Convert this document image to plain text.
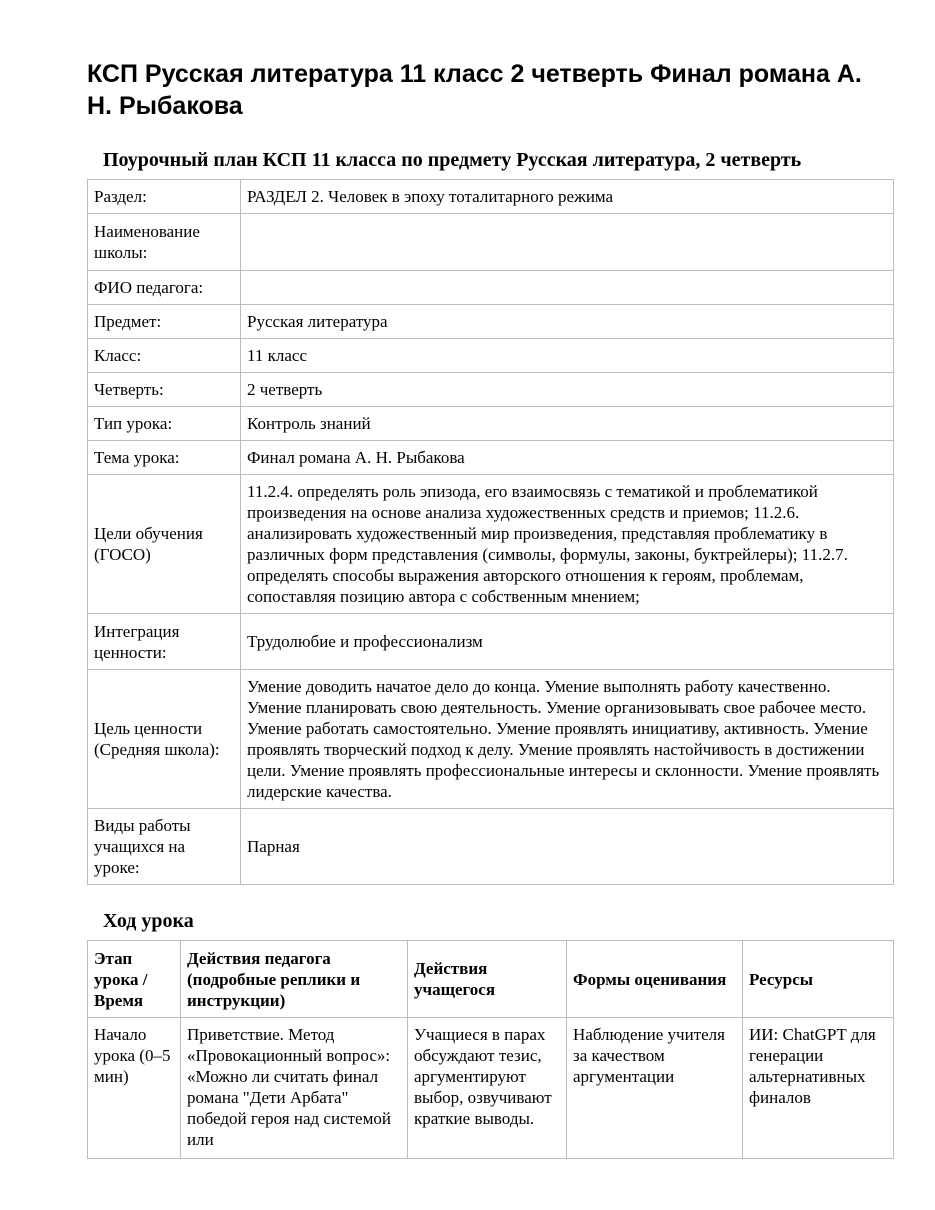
КСП Русская литература 11 класс 2 четверть Финал романа А. Н. Рыбакова
Поурочный план КСП 11 класса по предмету Русская литература, 2 четверть
Раздел:	РАЗДЕЛ 2. Человек в эпоху тоталитарного режима
Наименование школы:	
ФИО педагога:	
Предмет:	Русская литература
Класс:	11 класс
Четверть:	2 четверть
Тип урока:	Контроль знаний
Тема урока:	Финал романа А. Н. Рыбакова
Цели обучения (ГОСО)	11.2.4. определять роль эпизода, его взаимосвязь с тематикой и проблематикой произведения на основе анализа художественных средств и приемов; 11.2.6. анализировать художественный мир произведения, представляя проблематику в различных форм представления (символы, формулы, законы, буктрейлеры); 11.2.7. определять способы выражения авторского отношения к героям, проблемам, сопоставляя позицию автора с собственным мнением;
Интеграция ценности:	Трудолюбие и профессионализм
Цель ценности (Средняя школа):	Умение доводить начатое дело до конца. Умение выполнять работу качественно. Умение планировать свою деятельность. Умение организовывать свое рабочее место. Умение работать самостоятельно. Умение проявлять инициативу, активность. Умение проявлять творческий подход к делу. Умение проявлять настойчивость в достижении цели. Умение проявлять профессиональные интересы и склонности. Умение проявлять лидерские качества.
Виды работы учащихся на уроке:	Парная
Ход урока
Этап урока / Время	Действия педагога (подробные реплики и инструкции)	Действия учащегося	Формы оценивания	Ресурсы
Начало урока (0–5 мин)	Приветствие. Метод «Провокационный вопрос»: «Можно ли считать финал романа "Дети Арбата" победой героя над системой или	Учащиеся в парах обсуждают тезис, аргументируют выбор, озвучивают краткие выводы.	Наблюдение учителя за качеством аргументации	ИИ: ChatGPT для генерации альтернативных финалов
